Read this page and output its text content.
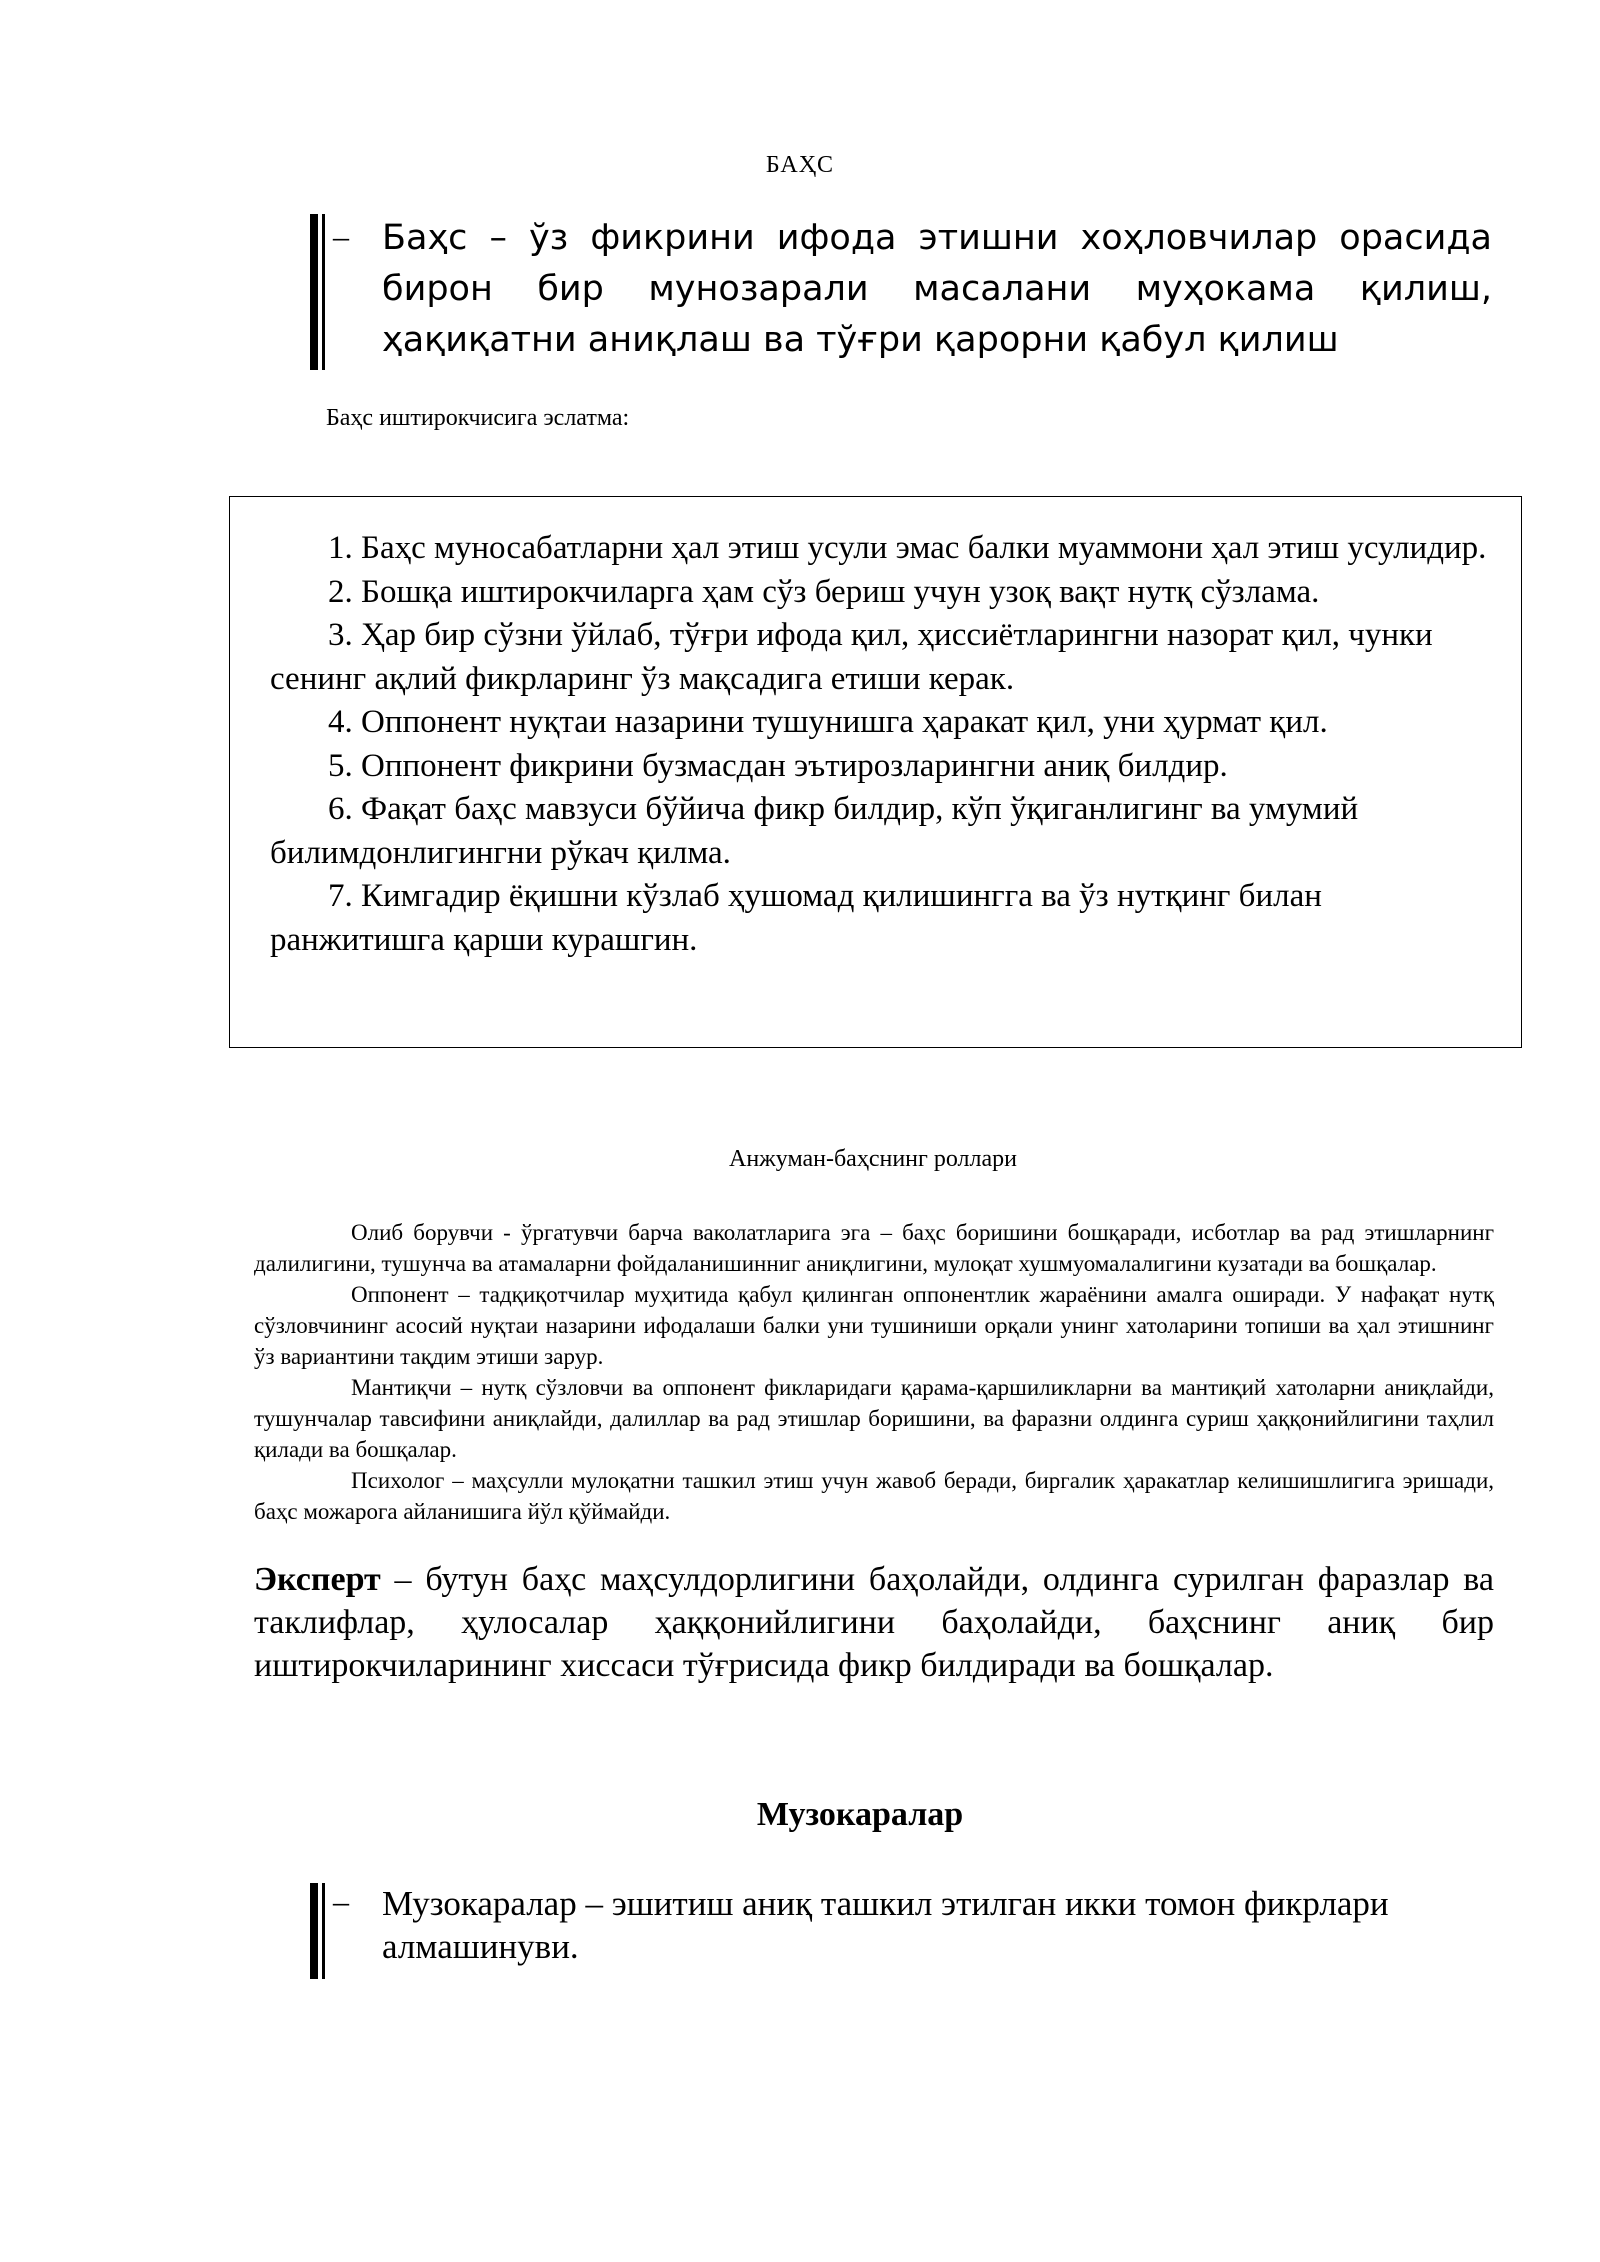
БАҲС
– Баҳс – ўз фикрини ифода этишни хоҳловчилар орасида бирон бир мунозарали масалани муҳокама қилиш, ҳақиқатни аниқлаш ва тўғри қарорни қабул қилиш
Баҳс иштирокчисига эслатма:

1. Баҳс муносабатларни ҳал этиш усули эмас балки муаммони ҳал этиш усулидир.

2. Бошқа иштирокчиларга ҳам сўз бериш учун узоқ вақт нутқ сўзлама.

3. Ҳар бир сўзни ўйлаб, тўғри ифода қил, ҳиссиётларингни назорат қил, чунки сенинг ақлий фикрларинг ўз мақсадига етиши керак.

4. Оппонент нуқтаи назарини тушунишга ҳаракат қил, уни ҳурмат қил.

5. Оппонент фикрини бузмасдан эътирозларингни аниқ билдир.

6. Фақат баҳс мавзуси бўйича фикр билдир, кўп ўқиганлигинг ва умумий билимдонлигингни рўкач қилма.

7. Кимгадир ёқишни кўзлаб ҳушомад қилишингга ва ўз нутқинг билан ранжитишга қарши курашгин.

Анжуман-баҳснинг роллари

Олиб борувчи - ўргатувчи барча ваколатларига эга – баҳс боришини бошқаради, исботлар ва рад этишларнинг далилигини, тушунча ва атамаларни фойдаланишинниг аниқлигини, мулоқат хушмуомалалигини кузатади ва бошқалар.

Оппонент – тадқиқотчилар муҳитида қабул қилинган оппонентлик жараёнини амалга оширади. У нафақат нутқ сўзловчининг асосий нуқтаи назарини ифодалаши балки уни тушиниши орқали унинг хатоларини топиши ва ҳал этишнинг ўз вариантини тақдим этиши зарур.

Мантиқчи – нутқ сўзловчи ва оппонент фикларидаги қарама-қаршиликларни ва мантиқий хатоларни аниқлайди, тушунчалар тавсифини аниқлайди, далиллар ва рад этишлар боришини, ва фаразни олдинга суриш ҳаққонийлигини таҳлил қилади ва бошқалар.

Психолог – маҳсулли мулоқатни ташкил этиш учун жавоб беради, биргалик ҳаракатлар келишишлигига эришади, баҳс можарога айланишига йўл қўймайди.

Эксперт – бутун баҳс маҳсулдорлигини баҳолайди, олдинга сурилган фаразлар ва таклифлар, ҳулосалар ҳаққонийлигини баҳолайди, баҳснинг аниқ бир иштирокчиларининг хиссаси тўғрисида фикр билдиради ва бошқалар.

Музокаралар
– Музокаралар – эшитиш аниқ ташкил этилган икки томон фикрлари алмашинуви.
